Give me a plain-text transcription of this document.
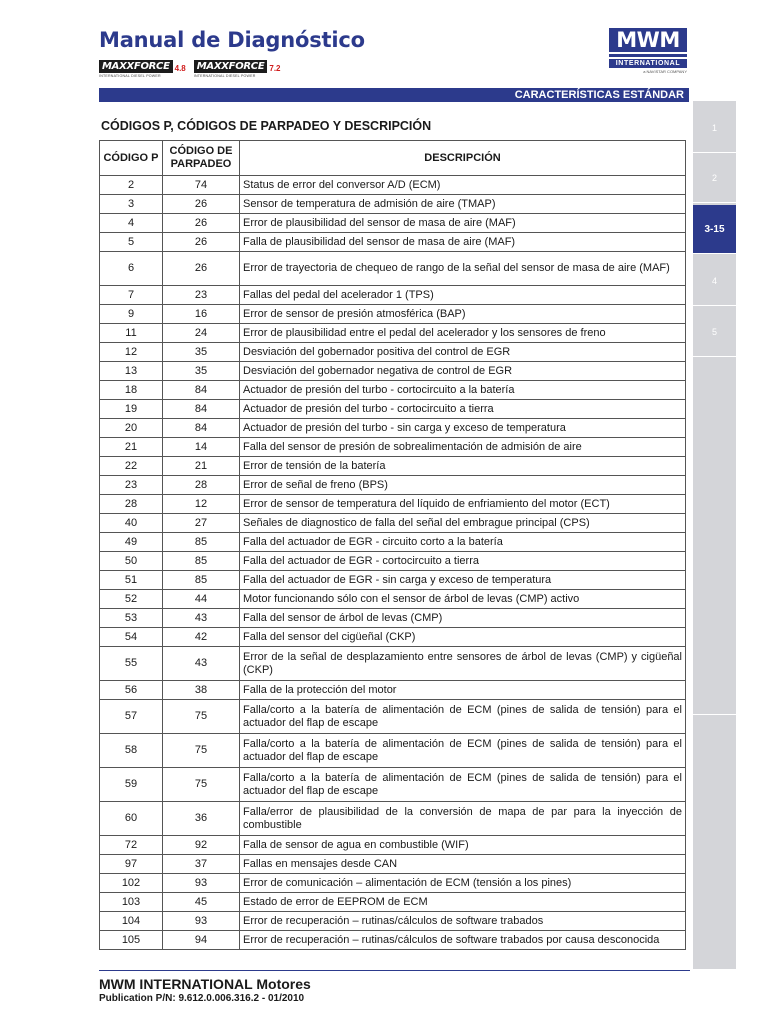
Manual de Diagnóstico
MAXXFORCE 4.8
INTERNATIONAL DIESEL POWER
MAXXFORCE 7.2
INTERNATIONAL DIESEL POWER
MWM
INTERNATIONAL
a NAVISTAR COMPANY
CARACTERÍSTICAS ESTÁNDAR
CÓDIGOS P, CÓDIGOS DE PARPADEO Y DESCRIPCIÓN	1
2
3-15
4
5
CÓDIGO P	CÓDIGO DE PARPADEO	DESCRIPCIÓN
2	74	Status de error del conversor A/D (ECM)
3	26	Sensor de temperatura de admisión de aire (TMAP)
4	26	Error de plausibilidad del sensor de masa de aire (MAF)
5	26	Falla de plausibilidad del sensor de masa de aire (MAF)
6	26	Error de trayectoria de chequeo de rango de la señal del sensor de masa de aire (MAF)
7	23	Fallas del pedal del acelerador 1 (TPS)
9	16	Error de sensor de presión atmosférica (BAP)
11	24	Error de plausibilidad entre el pedal del acelerador y los sensores de freno
12	35	Desviación del gobernador positiva del control de EGR
13	35	Desviación del gobernador negativa de control de EGR
18	84	Actuador de presión del turbo - cortocircuito a la batería
19	84	Actuador de presión del turbo - cortocircuito a tierra
20	84	Actuador de presión del turbo - sin carga y exceso de temperatura
21	14	Falla del sensor de presión de sobrealimentación de admisión de aire
22	21	Error de tensión de la batería
23	28	Error de señal de freno (BPS)
28	12	Error de sensor de temperatura del líquido de enfriamiento del motor (ECT)
40	27	Señales de diagnostico de falla del señal del embrague principal (CPS)
49	85	Falla del actuador de EGR - circuito corto a la batería
50	85	Falla del actuador de EGR - cortocircuito a tierra
51	85	Falla del actuador de EGR - sin carga y exceso de temperatura
52	44	Motor funcionando sólo con el sensor de árbol de levas (CMP) activo
53	43	Falla del sensor de árbol de levas (CMP)
54	42	Falla del sensor del cigüeñal (CKP)
55	43	Error de la señal de desplazamiento entre sensores de árbol de levas (CMP) y cigüeñal (CKP)
56	38	Falla de la protección del motor
57	75	Falla/corto a la batería de alimentación de ECM (pines de salida de tensión) para el actuador del flap de escape
58	75	Falla/corto a la batería de alimentación de ECM (pines de salida de tensión) para el actuador del flap de escape
59	75	Falla/corto a la batería de alimentación de ECM (pines de salida de tensión) para el actuador del flap de escape
60	36	Falla/error de plausibilidad de la conversión de mapa de par para la inyección de combustible
72	92	Falla de sensor de agua en combustible (WIF)
97	37	Fallas en mensajes desde CAN
102	93	Error de comunicación – alimentación de ECM (tensión a los pines)
103	45	Estado de error de EEPROM de ECM
104	93	Error de recuperación – rutinas/cálculos de software trabados
105	94	Error de recuperación – rutinas/cálculos de software trabados por causa desconocida
MWM INTERNATIONAL Motores
Publication P/N: 9.612.0.006.316.2 - 01/2010
